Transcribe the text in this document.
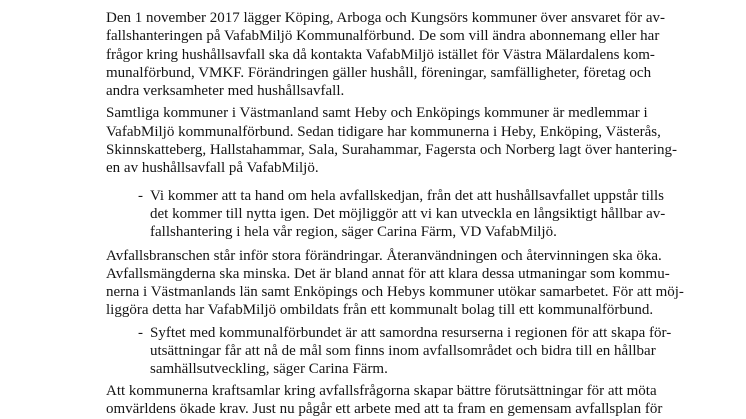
Den 1 november 2017 lägger Köping, Arboga och Kungsörs kommuner över ansvaret för av-
fallshanteringen på VafabMiljö Kommunalförbund. De som vill ändra abonnemang eller har
frågor kring hushållsavfall ska då kontakta VafabMiljö istället för Västra Mälardalens kom-
munalförbund, VMKF. Förändringen gäller hushåll, föreningar, samfälligheter, företag och
andra verksamheter med hushållsavfall.
Samtliga kommuner i Västmanland samt Heby och Enköpings kommuner är medlemmar i
VafabMiljö kommunalförbund. Sedan tidigare har kommunerna i Heby, Enköping, Västerås,
Skinnskatteberg, Hallstahammar, Sala, Surahammar, Fagersta och Norberg lagt över hantering-
en av hushållsavfall på VafabMiljö.
- Vi kommer att ta hand om hela avfallskedjan, från det att hushållsavfallet uppstår tills
det kommer till nytta igen. Det möjliggör att vi kan utveckla en långsiktigt hållbar av-
fallshantering i hela vår region, säger Carina Färm, VD VafabMiljö.
Avfallsbranschen står inför stora förändringar. Återanvändningen och återvinningen ska öka.
Avfallsmängderna ska minska. Det är bland annat för att klara dessa utmaningar som kommu-
nerna i Västmanlands län samt Enköpings och Hebys kommuner utökar samarbetet. För att möj-
liggöra detta har VafabMiljö ombildats från ett kommunalt bolag till ett kommunalförbund.
- Syftet med kommunalförbundet är att samordna resurserna i regionen för att skapa för-
utsättningar får att nå de mål som finns inom avfallsområdet och bidra till en hållbar
samhällsutveckling, säger Carina Färm.
Att kommunerna kraftsamlar kring avfallsfrågorna skapar bättre förutsättningar för att möta
omvärldens ökade krav. Just nu pågår ett arbete med att ta fram en gemensam avfallsplan för
